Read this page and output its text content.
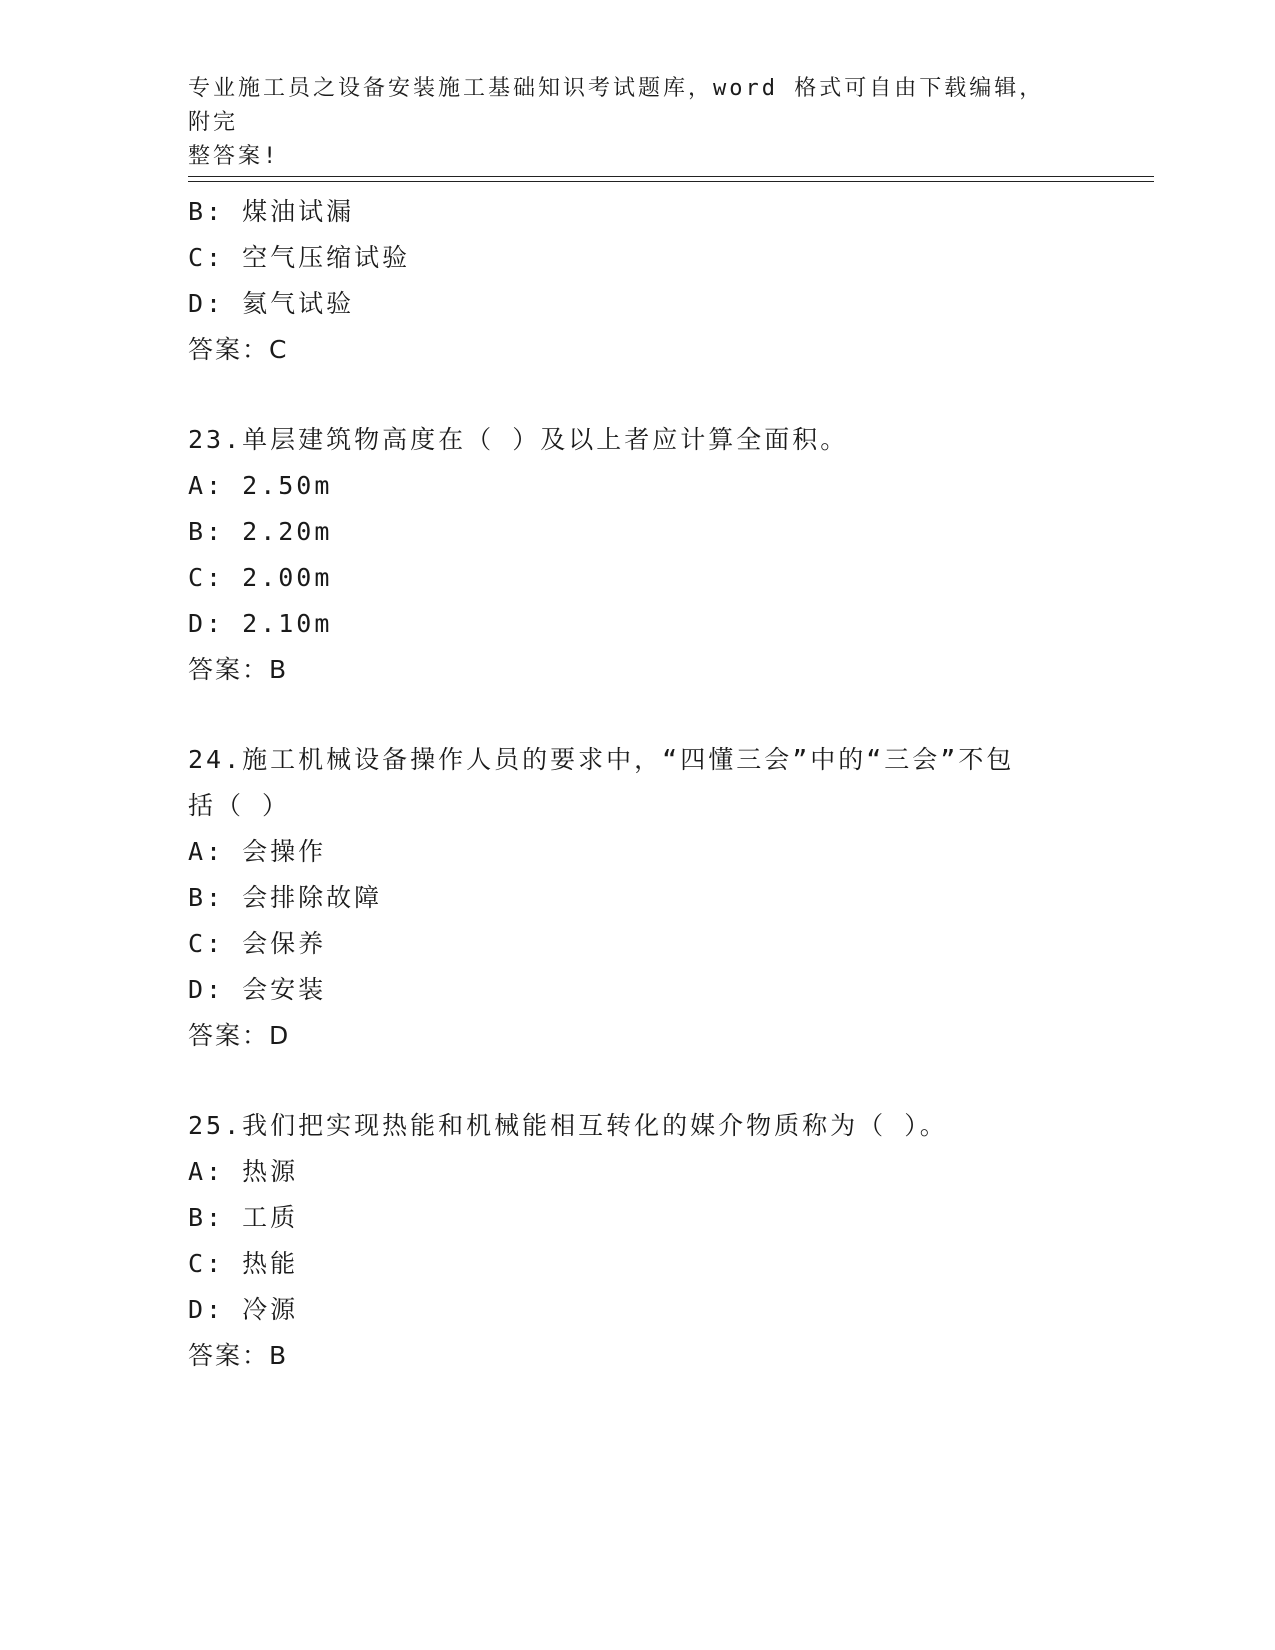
专业施工员之设备安装施工基础知识考试题库，word 格式可自由下载编辑，附完
整答案!
B: 煤油试漏
C: 空气压缩试验
D: 氦气试验
答案：C
23.单层建筑物高度在（ ）及以上者应计算全面积。
A: 2.50m
B: 2.20m
C: 2.00m
D: 2.10m
答案：B
24.施工机械设备操作人员的要求中，“四懂三会”中的“三会”不包
括（ ）
A: 会操作
B: 会排除故障
C: 会保养
D: 会安装
答案：D
25.我们把实现热能和机械能相互转化的媒介物质称为（ ）。
A: 热源
B: 工质
C: 热能
D: 冷源
答案：B
